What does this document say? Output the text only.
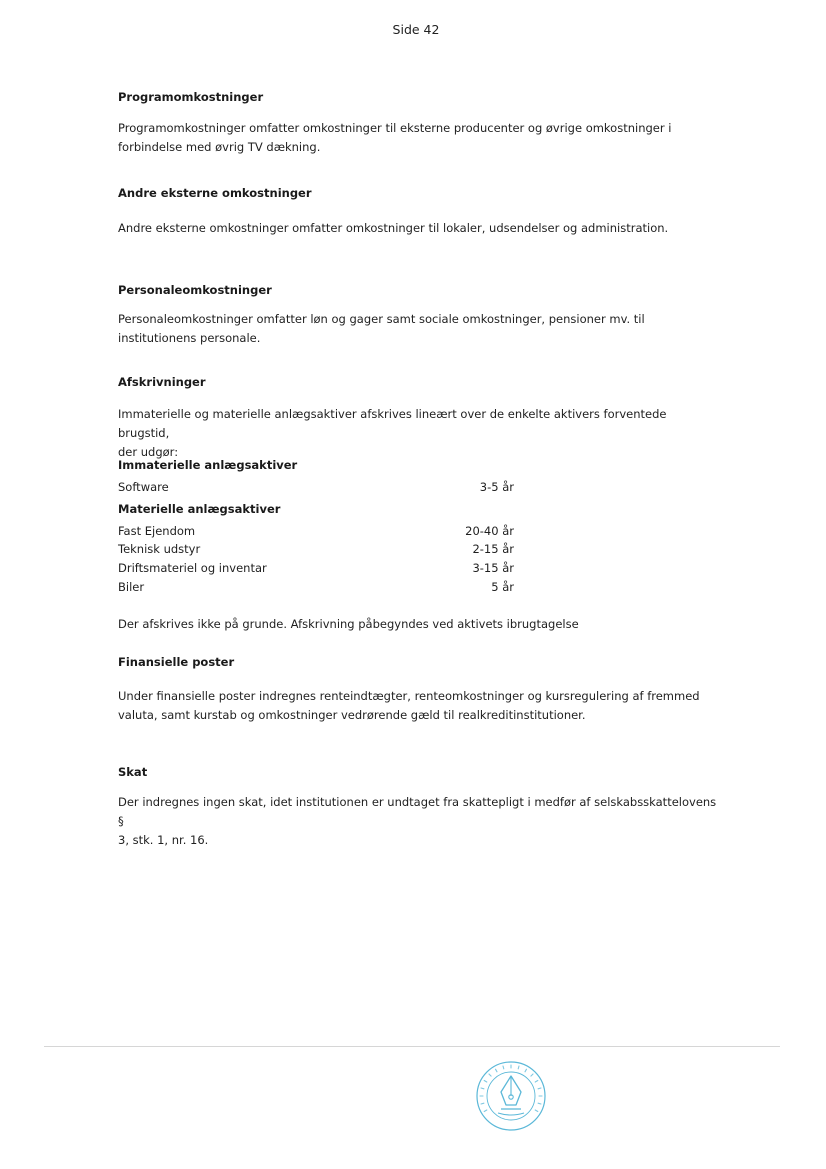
Side 42
Programomkostninger
Programomkostninger omfatter omkostninger til eksterne producenter og øvrige omkostninger i
forbindelse med øvrig TV dækning.
Andre eksterne omkostninger
Andre eksterne omkostninger omfatter omkostninger til lokaler, udsendelser og administration.
Personaleomkostninger
Personaleomkostninger omfatter løn og gager samt sociale omkostninger, pensioner mv. til
institutionens personale.
Afskrivninger
Immaterielle og materielle anlægsaktiver afskrives lineært over de enkelte aktivers forventede brugstid,
der udgør:
Immaterielle anlægsaktiver
Software	3-5 år
Materielle anlægsaktiver
Fast Ejendom	20-40 år
Teknisk udstyr	2-15 år
Driftsmateriel og inventar	3-15 år
Biler	5 år
Der afskrives ikke på grunde. Afskrivning påbegyndes ved aktivets ibrugtagelse
Finansielle poster
Under finansielle poster indregnes renteindtægter, renteomkostninger og kursregulering af fremmed
valuta, samt kurstab og omkostninger vedrørende gæld til realkreditinstitutioner.
Skat
Der indregnes ingen skat, idet institutionen er undtaget fra skattepligt i medfør af selskabsskattelovens §
3, stk. 1, nr. 16.
